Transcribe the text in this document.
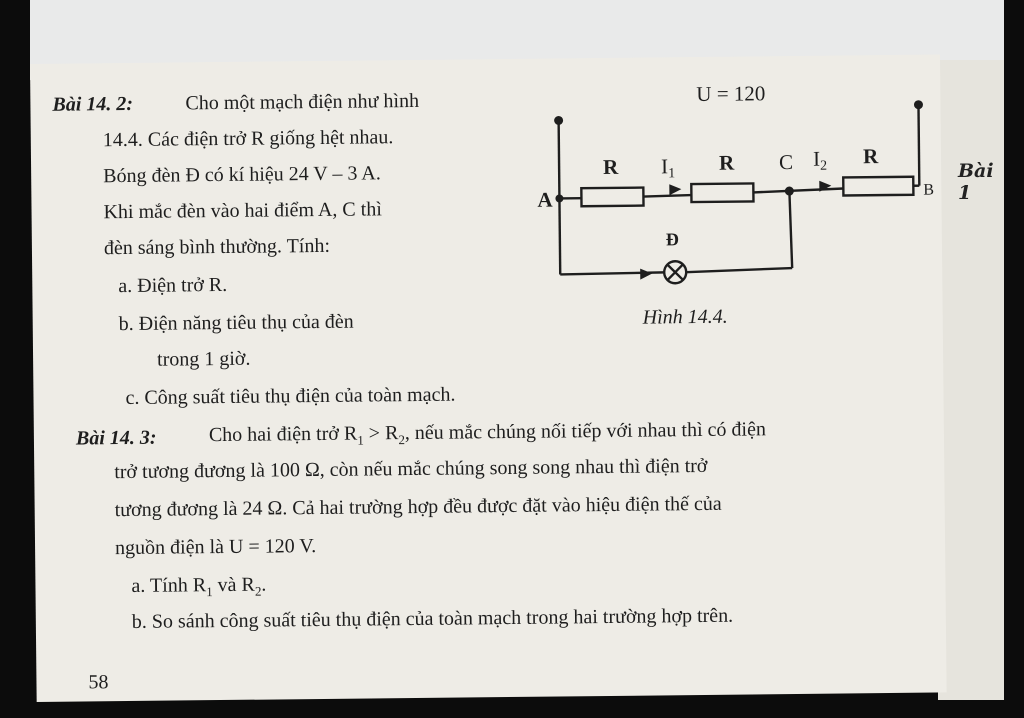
Bài 1
Bài 14. 2:	Cho một mạch điện như hình
14.4. Các điện trở R giống hệt nhau.
Bóng đèn Đ có kí hiệu 24 V – 3 A.
Khi mắc đèn vào hai điểm A, C thì
đèn sáng bình thường. Tính:
a. Điện trở R.
b. Điện năng tiêu thụ của đèn
trong 1 giờ.
c. Công suất tiêu thụ điện của toàn mạch.
U = 120
R	R	R
I1
I2
A
C
B
Đ
Hình 14.4.
Bài 14. 3:	Cho hai điện trở $R_1 > R_2$, nếu mắc chúng nối tiếp với nhau thì có điện
trở tương đương là 100 Ω, còn nếu mắc chúng song song nhau thì điện trở
tương đương là 24 Ω. Cả hai trường hợp đều được đặt vào hiệu điện thế của
nguồn điện là U = 120 V.
a. Tính $R_1$ và $R_2$.
b. So sánh công suất tiêu thụ điện của toàn mạch trong hai trường hợp trên.
58
